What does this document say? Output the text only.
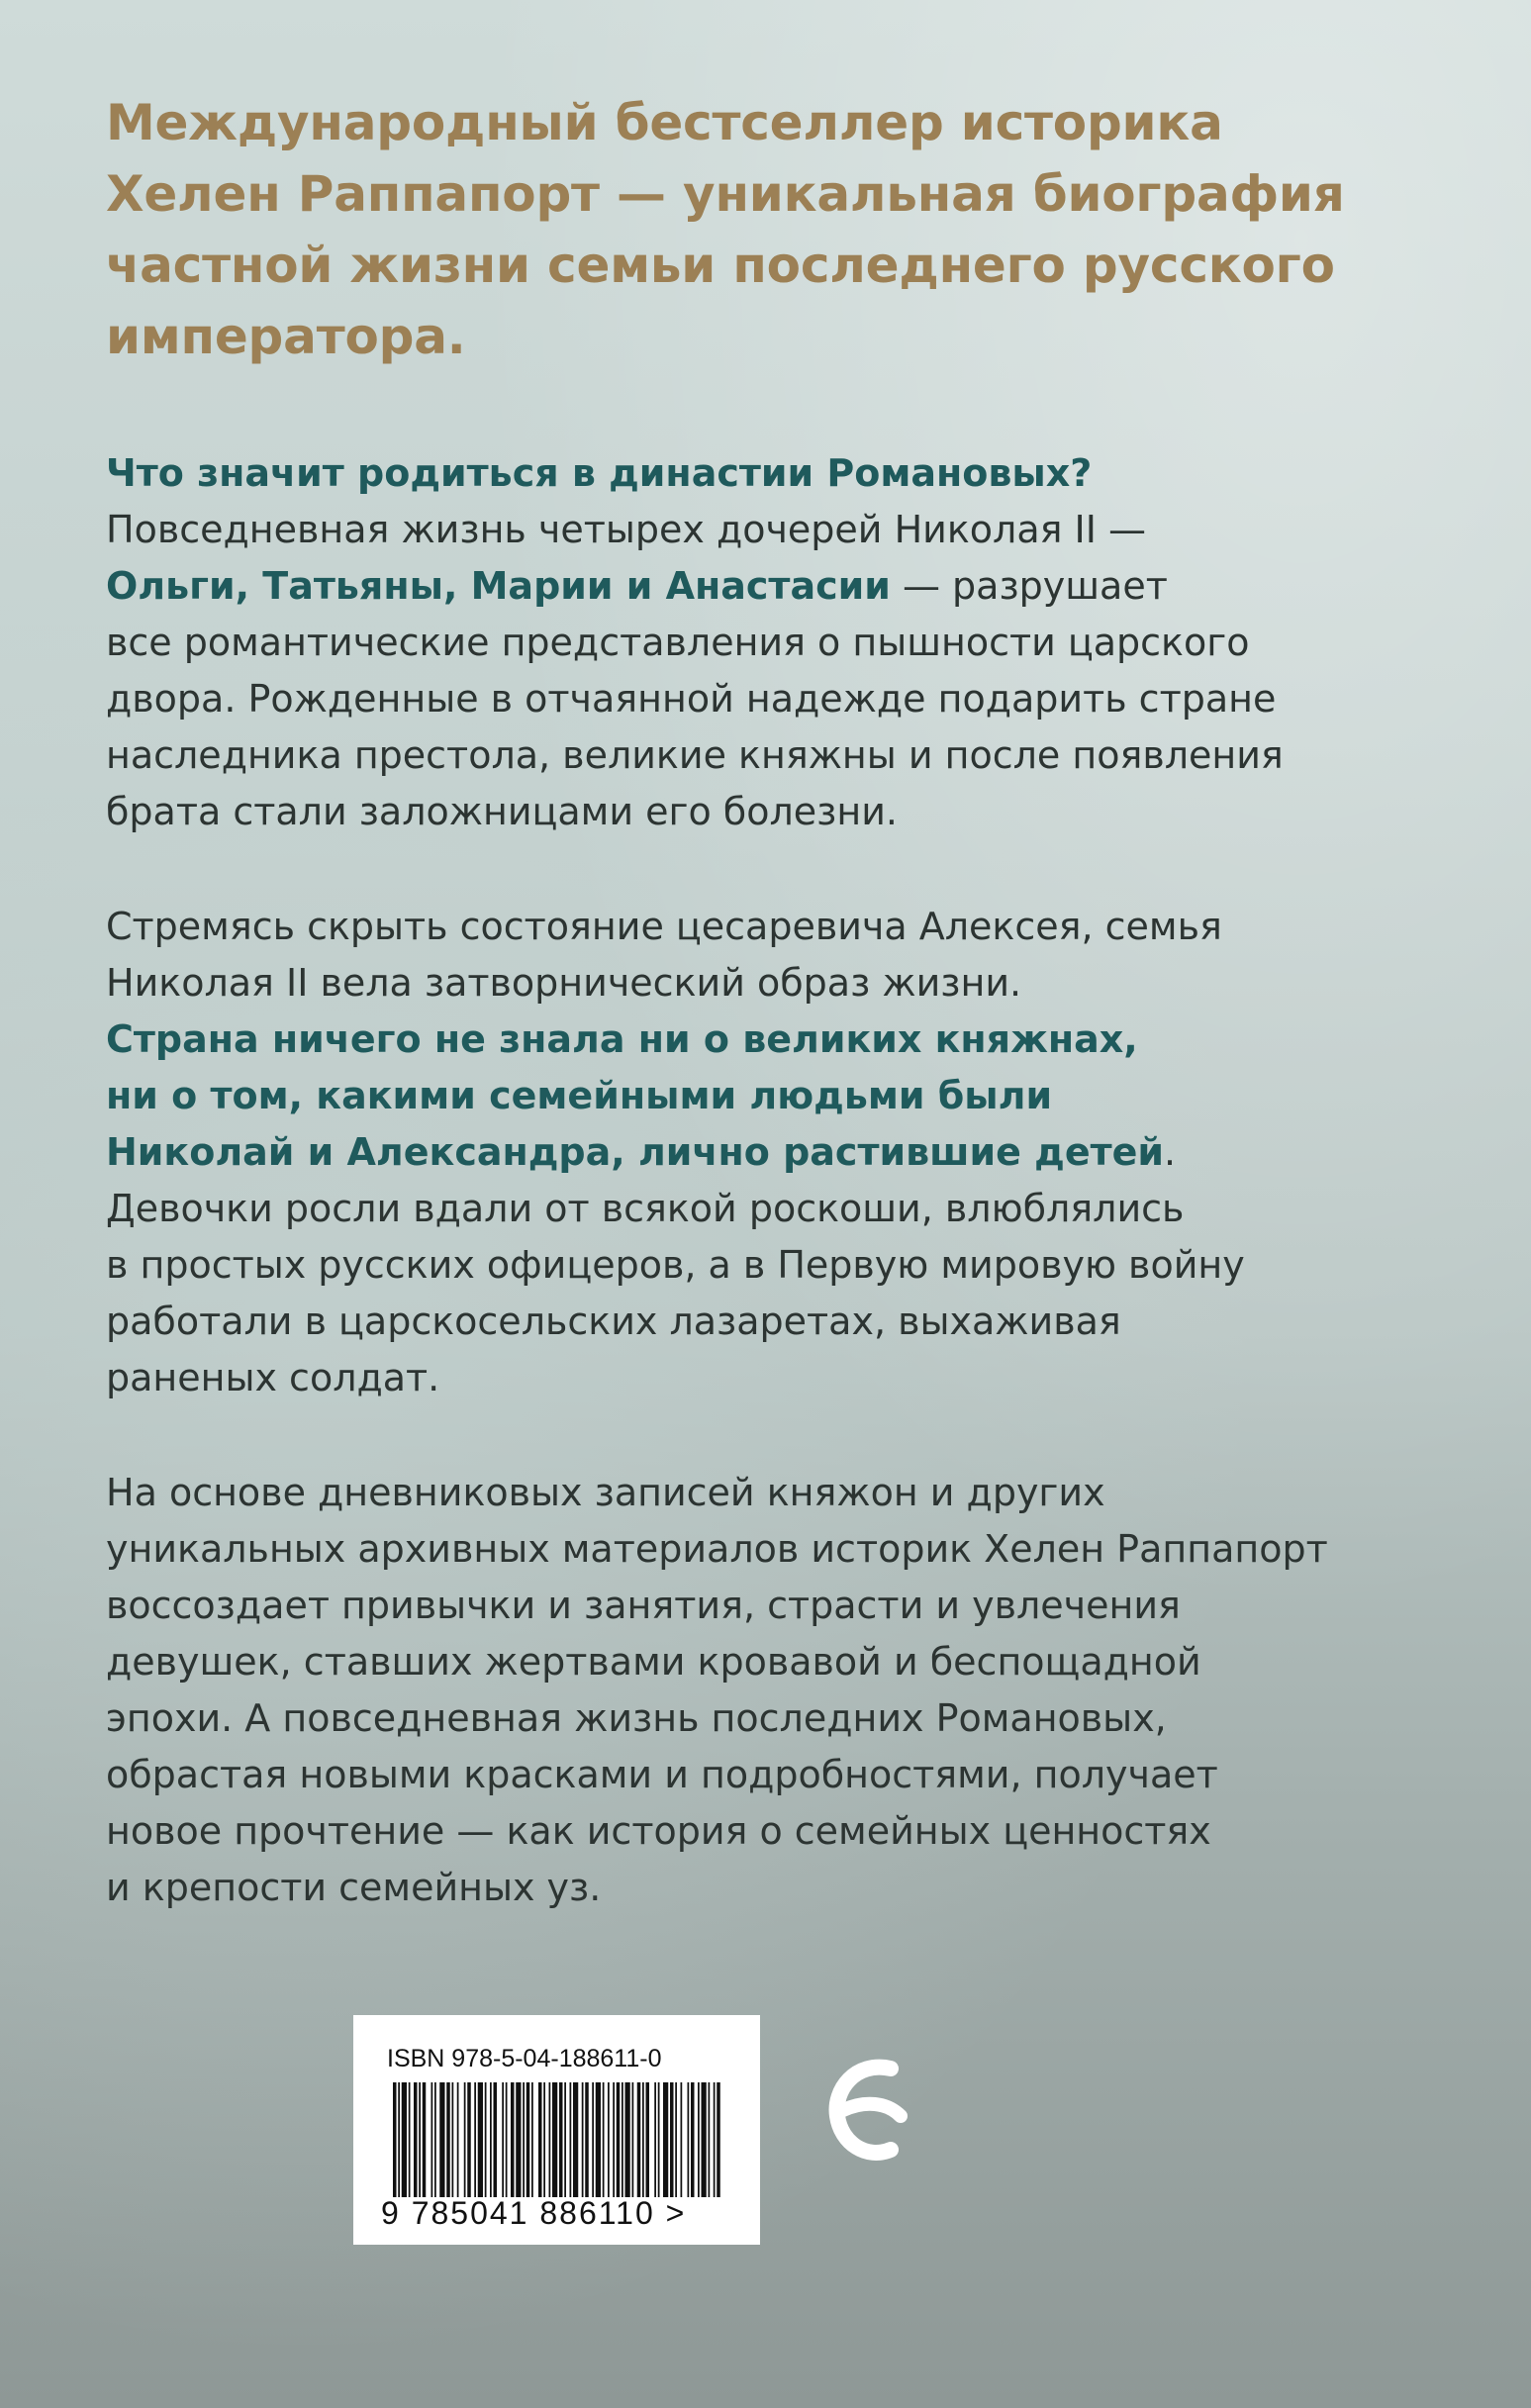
Международный бестселлер историка
Хелен Раппапорт — уникальная биография
частной жизни семьи последнего русского
императора.
Что значит родиться в династии Романовых?
Повседневная жизнь четырех дочерей Николая II —
Ольги, Татьяны, Марии и Анастасии — разрушает
все романтические представления о пышности царского
двора. Рожденные в отчаянной надежде подарить стране
наследника престола, великие княжны и после появления
брата стали заложницами его болезни.
Стремясь скрыть состояние цесаревича Алексея, семья
Николая II вела затворнический образ жизни.
Страна ничего не знала ни о великих княжнах,
ни о том, какими семейными людьми были
Николай и Александра, лично растившие детей.
Девочки росли вдали от всякой роскоши, влюблялись
в простых русских офицеров, а в Первую мировую войну
работали в царскосельских лазаретах, выхаживая
раненых солдат.
На основе дневниковых записей княжон и других
уникальных архивных материалов историк Хелен Раппапорт
воссоздает привычки и занятия, страсти и увлечения
девушек, ставших жертвами кровавой и беспощадной
эпохи. А повседневная жизнь последних Романовых,
обрастая новыми красками и подробностями, получает
новое прочтение — как история о семейных ценностях
и крепости семейных уз.
ISBN 978-5-04-188611-0
9 785041 886110 >
